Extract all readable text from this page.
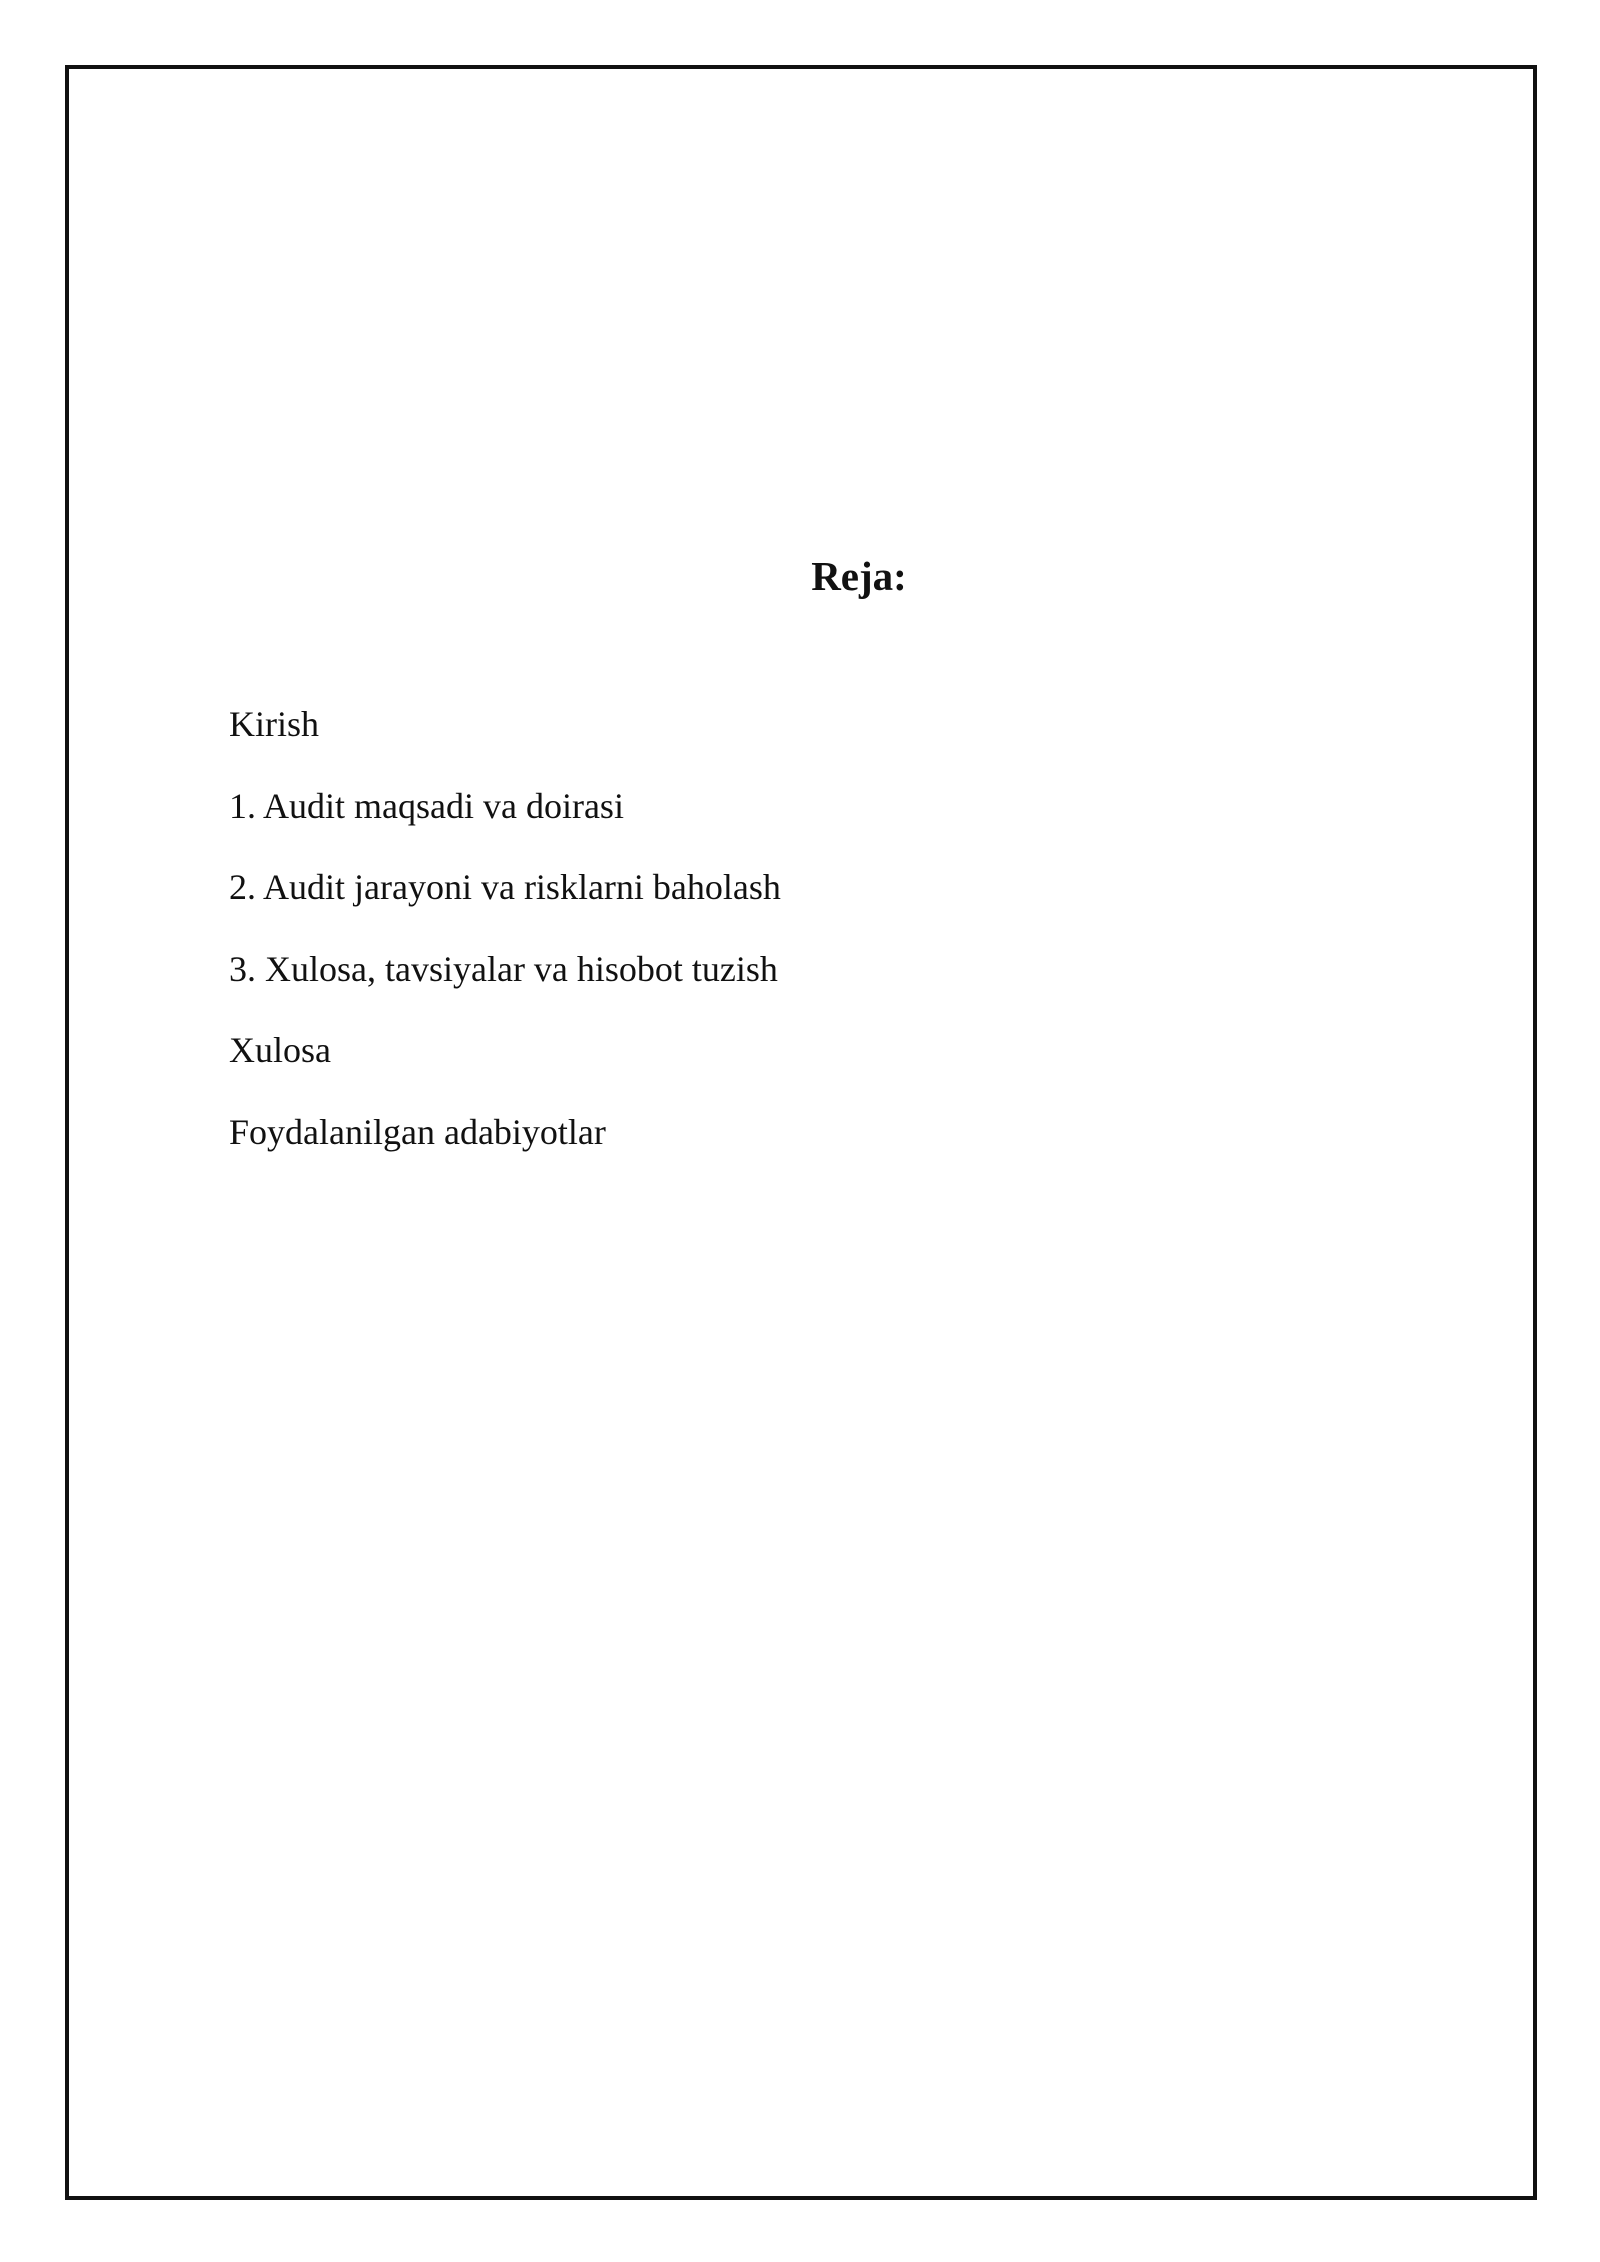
Reja:
Kirish
1. Audit maqsadi va doirasi
2. Audit jarayoni va risklarni baholash
3. Xulosa, tavsiyalar va hisobot tuzish
Xulosa
Foydalanilgan adabiyotlar
